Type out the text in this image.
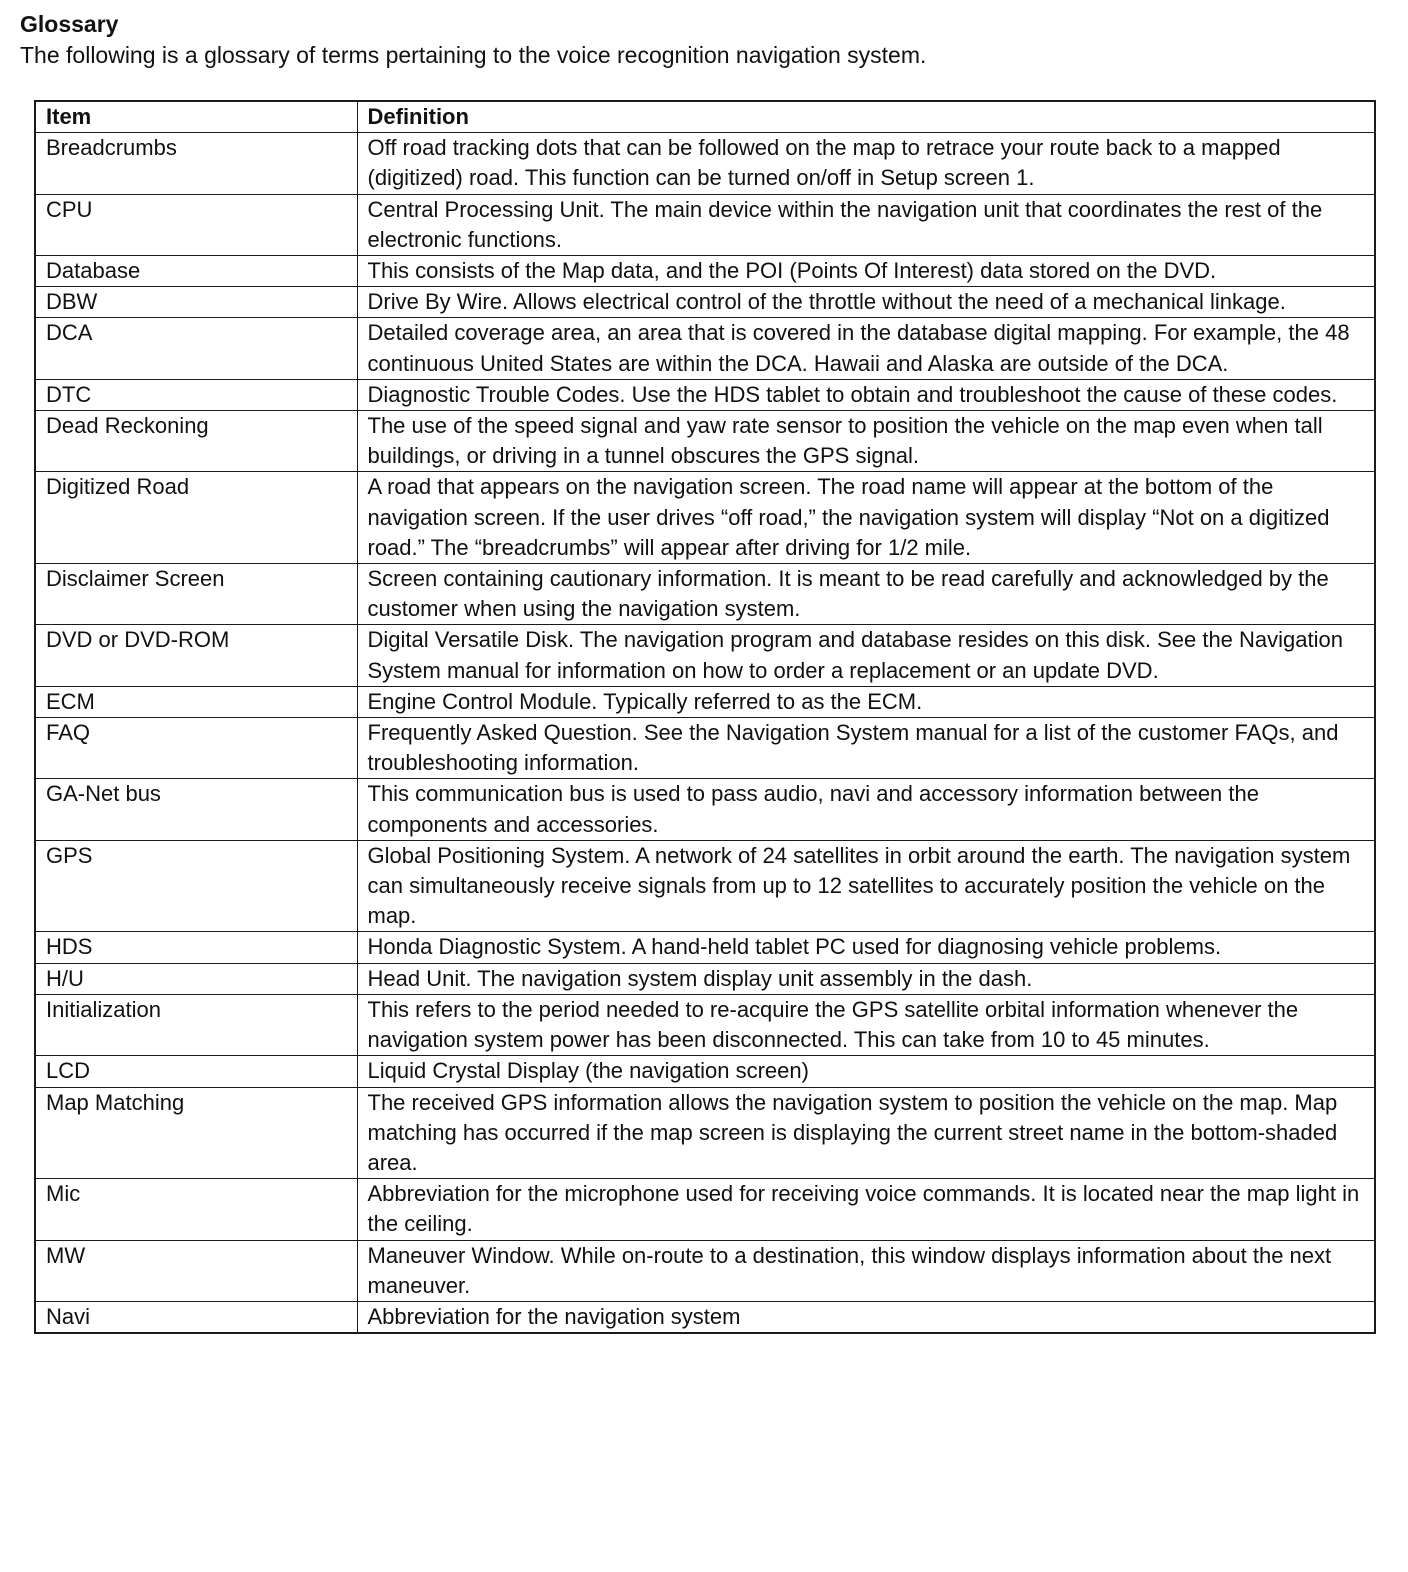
Glossary

The following is a glossary of terms pertaining to the voice recognition navigation system.

Item	Definition
Breadcrumbs	Off road tracking dots that can be followed on the map to retrace your route back to a mapped (digitized) road. This function can be turned on/off in Setup screen 1.
CPU	Central Processing Unit. The main device within the navigation unit that coordinates the rest of the electronic functions.
Database	This consists of the Map data, and the POI (Points Of Interest) data stored on the DVD.
DBW	Drive By Wire. Allows electrical control of the throttle without the need of a mechanical linkage.
DCA	Detailed coverage area, an area that is covered in the database digital mapping. For example, the 48 continuous United States are within the DCA. Hawaii and Alaska are outside of the DCA.
DTC	Diagnostic Trouble Codes. Use the HDS tablet to obtain and troubleshoot the cause of these codes.
Dead Reckoning	The use of the speed signal and yaw rate sensor to position the vehicle on the map even when tall buildings, or driving in a tunnel obscures the GPS signal.
Digitized Road	A road that appears on the navigation screen. The road name will appear at the bottom of the navigation screen. If the user drives “off road,” the navigation system will display “Not on a digitized road.” The “breadcrumbs” will appear after driving for 1/2 mile.
Disclaimer Screen	Screen containing cautionary information. It is meant to be read carefully and acknowledged by the customer when using the navigation system.
DVD or DVD-ROM	Digital Versatile Disk. The navigation program and database resides on this disk. See the Navigation System manual for information on how to order a replacement or an update DVD.
ECM	Engine Control Module. Typically referred to as the ECM.
FAQ	Frequently Asked Question. See the Navigation System manual for a list of the customer FAQs, and troubleshooting information.
GA-Net bus	This communication bus is used to pass audio, navi and accessory information between the components and accessories.
GPS	Global Positioning System. A network of 24 satellites in orbit around the earth. The navigation system can simultaneously receive signals from up to 12 satellites to accurately position the vehicle on the map.
HDS	Honda Diagnostic System. A hand-held tablet PC used for diagnosing vehicle problems.
H/U	Head Unit. The navigation system display unit assembly in the dash.
Initialization	This refers to the period needed to re-acquire the GPS satellite orbital information whenever the navigation system power has been disconnected. This can take from 10 to 45 minutes.
LCD	Liquid Crystal Display (the navigation screen)
Map Matching	The received GPS information allows the navigation system to position the vehicle on the map. Map matching has occurred if the map screen is displaying the current street name in the bottom-shaded area.
Mic	Abbreviation for the microphone used for receiving voice commands. It is located near the map light in the ceiling.
MW	Maneuver Window. While on-route to a destination, this window displays information about the next maneuver.
Navi	Abbreviation for the navigation system
